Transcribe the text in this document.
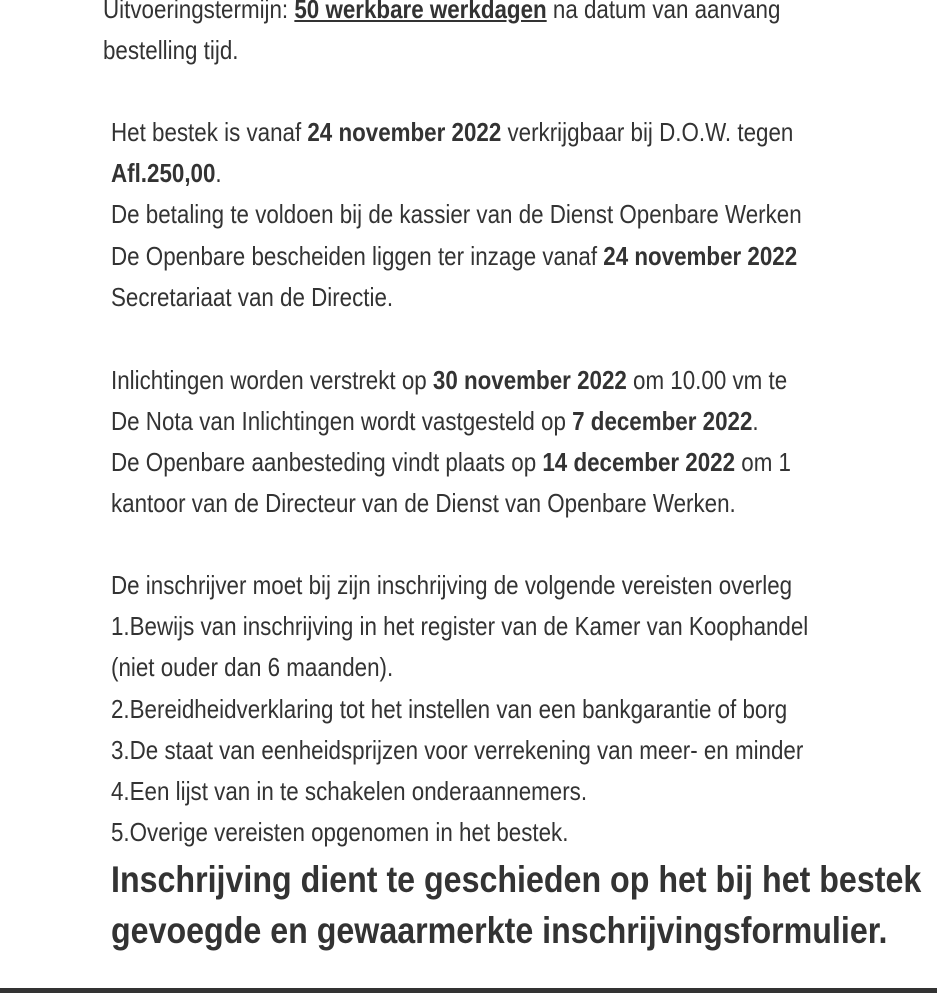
Uitvoeringstermijn: 50 werkbare werkdagen na datum van aanvang
bestelling tijd.
Het bestek is vanaf 24 november 2022 verkrijgbaar bij D.O.W. tegen
Afl.250,00.
De betaling te voldoen bij de kassier van de Dienst Openbare Werken
De Openbare bescheiden liggen ter inzage vanaf 24 november 2022
Secretariaat van de Directie.
Inlichtingen worden verstrekt op 30 november 2022 om 10.00 vm te
De Nota van Inlichtingen wordt vastgesteld op 7 december 2022.
De Openbare aanbesteding vindt plaats op 14 december 2022 om 1
kantoor van de Directeur van de Dienst van Openbare Werken.
De inschrijver moet bij zijn inschrijving de volgende vereisten overleg
1.Bewijs van inschrijving in het register van de Kamer van Koophandel
(niet ouder dan 6 maanden).
2.Bereidheidverklaring tot het instellen van een bankgarantie of borg
3.De staat van eenheidsprijzen voor verrekening van meer- en minder
4.Een lijst van in te schakelen onderaannemers.
5.Overige vereisten opgenomen in het bestek.
Inschrijving dient te geschieden op het bij het bestek
gevoegde en gewaarmerkte inschrijvingsformulier.
